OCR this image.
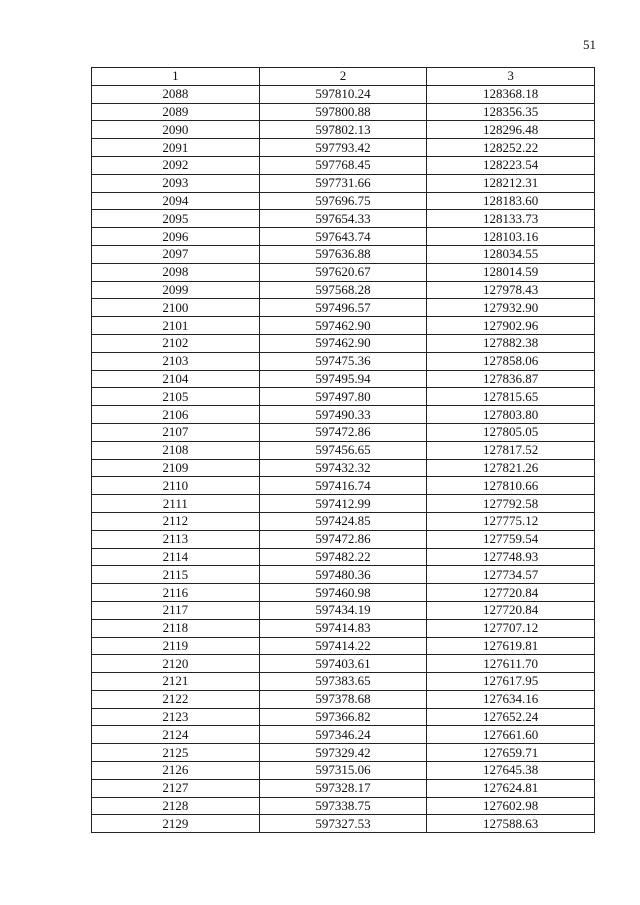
51
1	2	3
2088	597810.24	128368.18
2089	597800.88	128356.35
2090	597802.13	128296.48
2091	597793.42	128252.22
2092	597768.45	128223.54
2093	597731.66	128212.31
2094	597696.75	128183.60
2095	597654.33	128133.73
2096	597643.74	128103.16
2097	597636.88	128034.55
2098	597620.67	128014.59
2099	597568.28	127978.43
2100	597496.57	127932.90
2101	597462.90	127902.96
2102	597462.90	127882.38
2103	597475.36	127858.06
2104	597495.94	127836.87
2105	597497.80	127815.65
2106	597490.33	127803.80
2107	597472.86	127805.05
2108	597456.65	127817.52
2109	597432.32	127821.26
2110	597416.74	127810.66
2111	597412.99	127792.58
2112	597424.85	127775.12
2113	597472.86	127759.54
2114	597482.22	127748.93
2115	597480.36	127734.57
2116	597460.98	127720.84
2117	597434.19	127720.84
2118	597414.83	127707.12
2119	597414.22	127619.81
2120	597403.61	127611.70
2121	597383.65	127617.95
2122	597378.68	127634.16
2123	597366.82	127652.24
2124	597346.24	127661.60
2125	597329.42	127659.71
2126	597315.06	127645.38
2127	597328.17	127624.81
2128	597338.75	127602.98
2129	597327.53	127588.63
